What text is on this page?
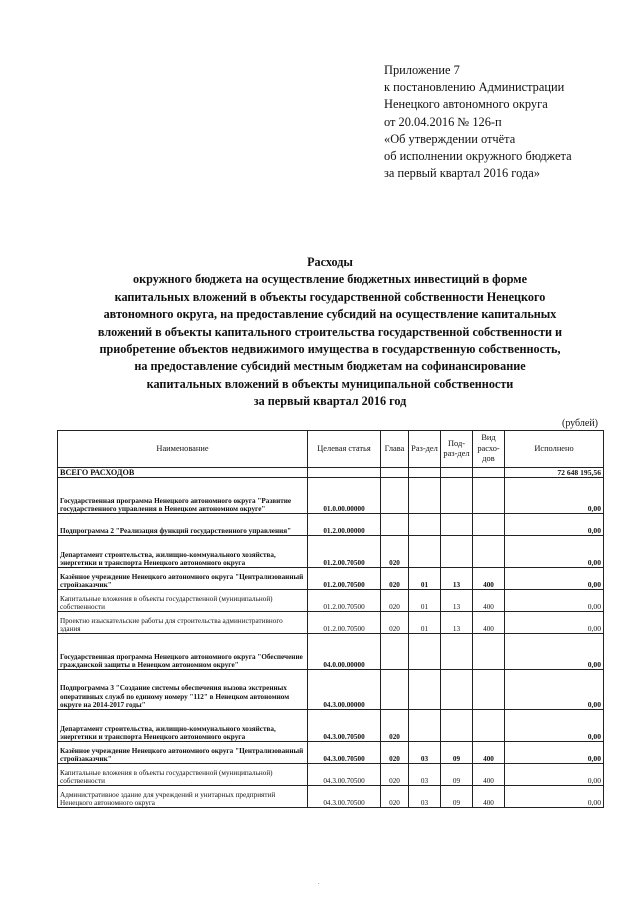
Приложение 7
к постановлению Администрации
Ненецкого автономного округа
от 20.04.2016 № 126-п
«Об утверждении отчёта
об исполнении окружного бюджета
за первый квартал 2016 года»
Расходы
окружного бюджета на осуществление бюджетных инвестиций в форме
капитальных вложений в объекты государственной собственности Ненецкого
автономного округа, на предоставление субсидий на осуществление капитальных
вложений в объекты капитального строительства государственной собственности и
приобретение объектов недвижимого имущества в государственную собственность,
на предоставление субсидий местным бюджетам на софинансирование
капитальных вложений в объекты муниципальной собственности
за первый квартал 2016 год
(рублей)
Наименование	Целевая статья	Глава	Раз-дел	Под-раз-дел	Вид расхо-дов	Исполнено
ВСЕГО РАСХОДОВ						72 648 195,56
Государственная программа Ненецкого автономного округа "Развитие государственного управления в Ненецком автономном округе"	01.0.00.00000					0,00
Подпрограмма 2 "Реализация функций государственного управления"	01.2.00.00000					0,00
Департамент строительства, жилищно-коммунального хозяйства, энергетики и транспорта Ненецкого автономного округа	01.2.00.70500	020				0,00
Казённое учреждение Ненецкого автономного округа "Централизованный стройзаказчик"	01.2.00.70500	020	01	13	400	0,00
Капитальные вложения в объекты государственной (муниципальной) собственности	01.2.00.70500	020	01	13	400	0,00
Проектно изыскательские работы для строительства административного здания	01.2.00.70500	020	01	13	400	0,00
Государственная программа Ненецкого автономного округа "Обеспечение гражданской защиты в Ненецком автономном округе"	04.0.00.00000					0,00
Подпрограмма 3 "Создание системы обеспечения вызова экстренных оперативных служб по единому номеру "112" в Ненецком автономном округе на 2014-2017 годы"	04.3.00.00000					0,00
Департамент строительства, жилищно-коммунального хозяйства, энергетики и транспорта Ненецкого автономного округа	04.3.00.70500	020				0,00
Казённое учреждение Ненецкого автономного округа "Централизованный стройзаказчик"	04.3.00.70500	020	03	09	400	0,00
Капитальные вложения в объекты государственной (муниципальной) собственности	04.3.00.70500	020	03	09	400	0,00
Административное здание для учреждений и унитарных предприятий Ненецкого автономного округа	04.3.00.70500	020	03	09	400	0,00
.
